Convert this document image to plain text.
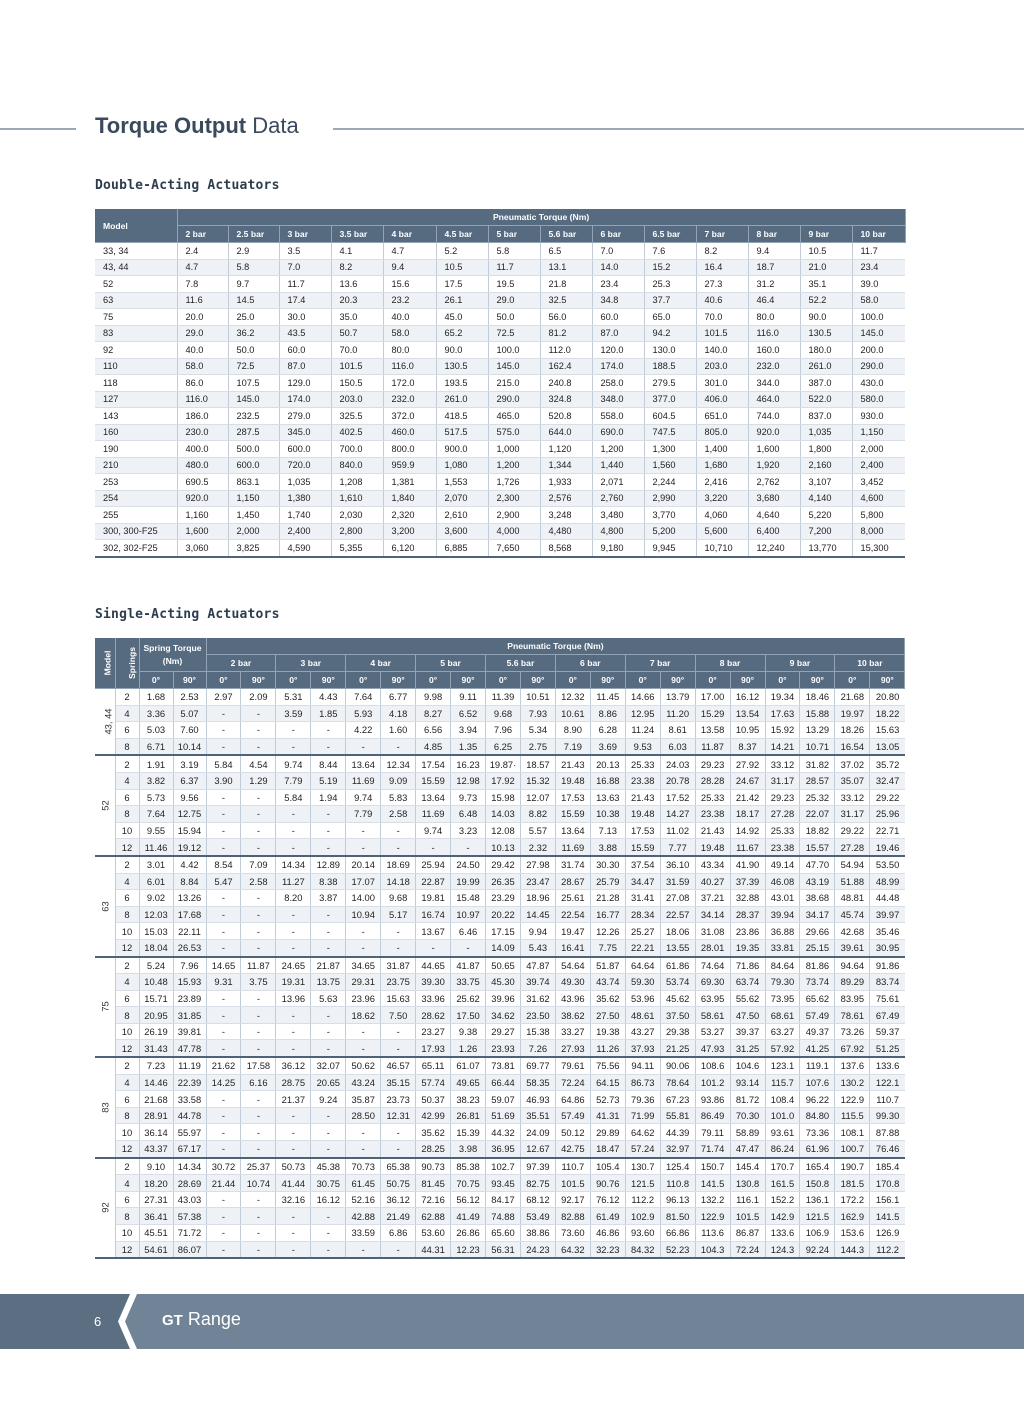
Torque Output Data
Double-Acting Actuators
Model	Pneumatic Torque (Nm)													
	2 bar	2.5 bar	3 bar	3.5 bar	4 bar	4.5 bar	5 bar	5.6 bar	6 bar	6.5 bar	7 bar	8 bar	9 bar	10 bar
33, 34	2.4	2.9	3.5	4.1	4.7	5.2	5.8	6.5	7.0	7.6	8.2	9.4	10.5	11.7
43, 44	4.7	5.8	7.0	8.2	9.4	10.5	11.7	13.1	14.0	15.2	16.4	18.7	21.0	23.4
52	7.8	9.7	11.7	13.6	15.6	17.5	19.5	21.8	23.4	25.3	27.3	31.2	35.1	39.0
63	11.6	14.5	17.4	20.3	23.2	26.1	29.0	32.5	34.8	37.7	40.6	46.4	52.2	58.0
75	20.0	25.0	30.0	35.0	40.0	45.0	50.0	56.0	60.0	65.0	70.0	80.0	90.0	100.0
83	29.0	36.2	43.5	50.7	58.0	65.2	72.5	81.2	87.0	94.2	101.5	116.0	130.5	145.0
92	40.0	50.0	60.0	70.0	80.0	90.0	100.0	112.0	120.0	130.0	140.0	160.0	180.0	200.0
110	58.0	72.5	87.0	101.5	116.0	130.5	145.0	162.4	174.0	188.5	203.0	232.0	261.0	290.0
118	86.0	107.5	129.0	150.5	172.0	193.5	215.0	240.8	258.0	279.5	301.0	344.0	387.0	430.0
127	116.0	145.0	174.0	203.0	232.0	261.0	290.0	324.8	348.0	377.0	406.0	464.0	522.0	580.0
143	186.0	232.5	279.0	325.5	372.0	418.5	465.0	520.8	558.0	604.5	651.0	744.0	837.0	930.0
160	230.0	287.5	345.0	402.5	460.0	517.5	575.0	644.0	690.0	747.5	805.0	920.0	1,035	1,150
190	400.0	500.0	600.0	700.0	800.0	900.0	1,000	1,120	1,200	1,300	1,400	1,600	1,800	2,000
210	480.0	600.0	720.0	840.0	959.9	1,080	1,200	1,344	1,440	1,560	1,680	1,920	2,160	2,400
253	690.5	863.1	1,035	1,208	1,381	1,553	1,726	1,933	2,071	2,244	2,416	2,762	3,107	3,452
254	920.0	1,150	1,380	1,610	1,840	2,070	2,300	2,576	2,760	2,990	3,220	3,680	4,140	4,600
255	1,160	1,450	1,740	2,030	2,320	2,610	2,900	3,248	3,480	3,770	4,060	4,640	5,220	5,800
300, 300-F25	1,600	2,000	2,400	2,800	3,200	3,600	4,000	4,480	4,800	5,200	5,600	6,400	7,200	8,000
302, 302-F25	3,060	3,825	4,590	5,355	6,120	6,885	7,650	8,568	9,180	9,945	10,710	12,240	13,770	15,300
Single-Acting Actuators
Model	Springs	Spring Torque (Nm)		Pneumatic Torque (Nm)																			
				2 bar		3 bar		4 bar		5 bar		5.6 bar		6 bar		7 bar		8 bar		9 bar		10 bar	
		0°	90°	0°	90°	0°	90°	0°	90°	0°	90°	0°	90°	0°	90°	0°	90°	0°	90°	0°	90°	0°	90°
43, 44	2	1.68	2.53	2.97	2.09	5.31	4.43	7.64	6.77	9.98	9.11	11.39	10.51	12.32	11.45	14.66	13.79	17.00	16.12	19.34	18.46	21.68	20.80
	4	3.36	5.07	-	-	3.59	1.85	5.93	4.18	8.27	6.52	9.68	7.93	10.61	8.86	12.95	11.20	15.29	13.54	17.63	15.88	19.97	18.22
	6	5.03	7.60	-	-	-	-	4.22	1.60	6.56	3.94	7.96	5.34	8.90	6.28	11.24	8.61	13.58	10.95	15.92	13.29	18.26	15.63
	8	6.71	10.14	-	-	-	-	-	-	4.85	1.35	6.25	2.75	7.19	3.69	9.53	6.03	11.87	8.37	14.21	10.71	16.54	13.05
52	2	1.91	3.19	5.84	4.54	9.74	8.44	13.64	12.34	17.54	16.23	19.87·	18.57	21.43	20.13	25.33	24.03	29.23	27.92	33.12	31.82	37.02	35.72
	4	3.82	6.37	3.90	1.29	7.79	5.19	11.69	9.09	15.59	12.98	17.92	15.32	19.48	16.88	23.38	20.78	28.28	24.67	31.17	28.57	35.07	32.47
	6	5.73	9.56	-	-	5.84	1.94	9.74	5.83	13.64	9.73	15.98	12.07	17.53	13.63	21.43	17.52	25.33	21.42	29.23	25.32	33.12	29.22
	8	7.64	12.75	-	-	-	-	7.79	2.58	11.69	6.48	14.03	8.82	15.59	10.38	19.48	14.27	23.38	18.17	27.28	22.07	31.17	25.96
	10	9.55	15.94	-	-	-	-	-	-	9.74	3.23	12.08	5.57	13.64	7.13	17.53	11.02	21.43	14.92	25.33	18.82	29.22	22.71
	12	11.46	19.12	-	-	-	-	-	-	-	-	10.13	2.32	11.69	3.88	15.59	7.77	19.48	11.67	23.38	15.57	27.28	19.46
63	2	3.01	4.42	8.54	7.09	14.34	12.89	20.14	18.69	25.94	24.50	29.42	27.98	31.74	30.30	37.54	36.10	43.34	41.90	49.14	47.70	54.94	53.50
	4	6.01	8.84	5.47	2.58	11.27	8.38	17.07	14.18	22.87	19.99	26.35	23.47	28.67	25.79	34.47	31.59	40.27	37.39	46.08	43.19	51.88	48.99
	6	9.02	13.26	-	-	8.20	3.87	14.00	9.68	19.81	15.48	23.29	18.96	25.61	21.28	31.41	27.08	37.21	32.88	43.01	38.68	48.81	44.48
	8	12.03	17.68	-	-	-	-	10.94	5.17	16.74	10.97	20.22	14.45	22.54	16.77	28.34	22.57	34.14	28.37	39.94	34.17	45.74	39.97
	10	15.03	22.11	-	-	-	-	-	-	13.67	6.46	17.15	9.94	19.47	12.26	25.27	18.06	31.08	23.86	36.88	29.66	42.68	35.46
	12	18.04	26.53	-	-	-	-	-	-	-	-	14.09	5.43	16.41	7.75	22.21	13.55	28.01	19.35	33.81	25.15	39.61	30.95
75	2	5.24	7.96	14.65	11.87	24.65	21.87	34.65	31.87	44.65	41.87	50.65	47.87	54.64	51.87	64.64	61.86	74.64	71.86	84.64	81.86	94.64	91.86
	4	10.48	15.93	9.31	3.75	19.31	13.75	29.31	23.75	39.30	33.75	45.30	39.74	49.30	43.74	59.30	53.74	69.30	63.74	79.30	73.74	89.29	83.74
	6	15.71	23.89	-	-	13.96	5.63	23.96	15.63	33.96	25.62	39.96	31.62	43.96	35.62	53.96	45.62	63.95	55.62	73.95	65.62	83.95	75.61
	8	20.95	31.85	-	-	-	-	18.62	7.50	28.62	17.50	34.62	23.50	38.62	27.50	48.61	37.50	58.61	47.50	68.61	57.49	78.61	67.49
	10	26.19	39.81	-	-	-	-	-	-	23.27	9.38	29.27	15.38	33.27	19.38	43.27	29.38	53.27	39.37	63.27	49.37	73.26	59.37
	12	31.43	47.78	-	-	-	-	-	-	17.93	1.26	23.93	7.26	27.93	11.26	37.93	21.25	47.93	31.25	57.92	41.25	67.92	51.25
83	2	7.23	11.19	21.62	17.58	36.12	32.07	50.62	46.57	65.11	61.07	73.81	69.77	79.61	75.56	94.11	90.06	108.6	104.6	123.1	119.1	137.6	133.6
	4	14.46	22.39	14.25	6.16	28.75	20.65	43.24	35.15	57.74	49.65	66.44	58.35	72.24	64.15	86.73	78.64	101.2	93.14	115.7	107.6	130.2	122.1
	6	21.68	33.58	-	-	21.37	9.24	35.87	23.73	50.37	38.23	59.07	46.93	64.86	52.73	79.36	67.23	93.86	81.72	108.4	96.22	122.9	110.7
	8	28.91	44.78	-	-	-	-	28.50	12.31	42.99	26.81	51.69	35.51	57.49	41.31	71.99	55.81	86.49	70.30	101.0	84.80	115.5	99.30
	10	36.14	55.97	-	-	-	-	-	-	35.62	15.39	44.32	24.09	50.12	29.89	64.62	44.39	79.11	58.89	93.61	73.36	108.1	87.88
	12	43.37	67.17	-	-	-	-	-	-	28.25	3.98	36.95	12.67	42.75	18.47	57.24	32.97	71.74	47.47	86.24	61.96	100.7	76.46
92	2	9.10	14.34	30.72	25.37	50.73	45.38	70.73	65.38	90.73	85.38	102.7	97.39	110.7	105.4	130.7	125.4	150.7	145.4	170.7	165.4	190.7	185.4
	4	18.20	28.69	21.44	10.74	41.44	30.75	61.45	50.75	81.45	70.75	93.45	82.75	101.5	90.76	121.5	110.8	141.5	130.8	161.5	150.8	181.5	170.8
	6	27.31	43.03	-	-	32.16	16.12	52.16	36.12	72.16	56.12	84.17	68.12	92.17	76.12	112.2	96.13	132.2	116.1	152.2	136.1	172.2	156.1
	8	36.41	57.38	-	-	-	-	42.88	21.49	62.88	41.49	74.88	53.49	82.88	61.49	102.9	81.50	122.9	101.5	142.9	121.5	162.9	141.5
	10	45.51	71.72	-	-	-	-	33.59	6.86	53.60	26.86	65.60	38.86	73.60	46.86	93.60	66.86	113.6	86.87	133.6	106.9	153.6	126.9
	12	54.61	86.07	-	-	-	-	-	-	44.31	12.23	56.31	24.23	64.32	32.23	84.32	52.23	104.3	72.24	124.3	92.24	144.3	112.2
6	GT Range
